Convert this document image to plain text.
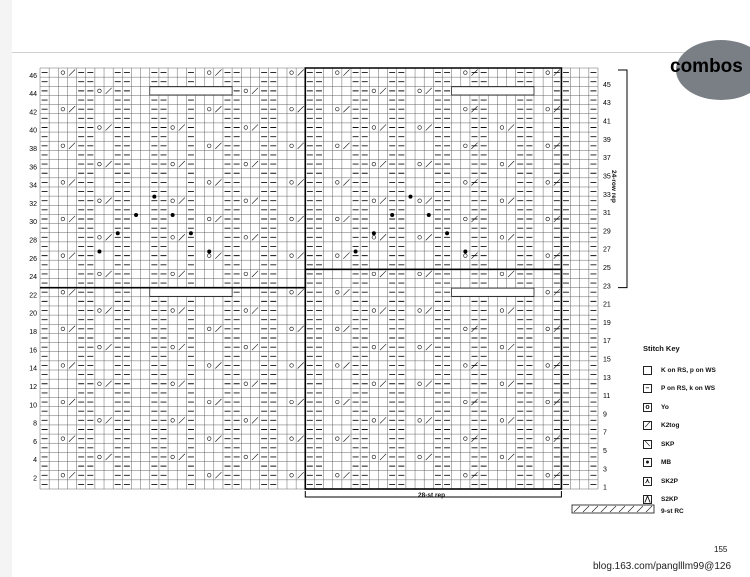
combos
46
44
42
40
38
36
34
32
30
28
26
24
22
20
18
16
14
12
10
8
6
4
2
45
43
41
39
37
35
33
31
29
27
25
23
21
19
17
15
13
11
9
7
5
3
1
24-row rep
28-st rep
Stitch Key
K on RS, p on WS
–	P on RS, k on WS
o	Yo
⟋	K2tog
⟍	SKP
●	MB
⋏ SK2P
⋀ S2KP
9-st RC
155
blog.163.com/panglllm99@126
